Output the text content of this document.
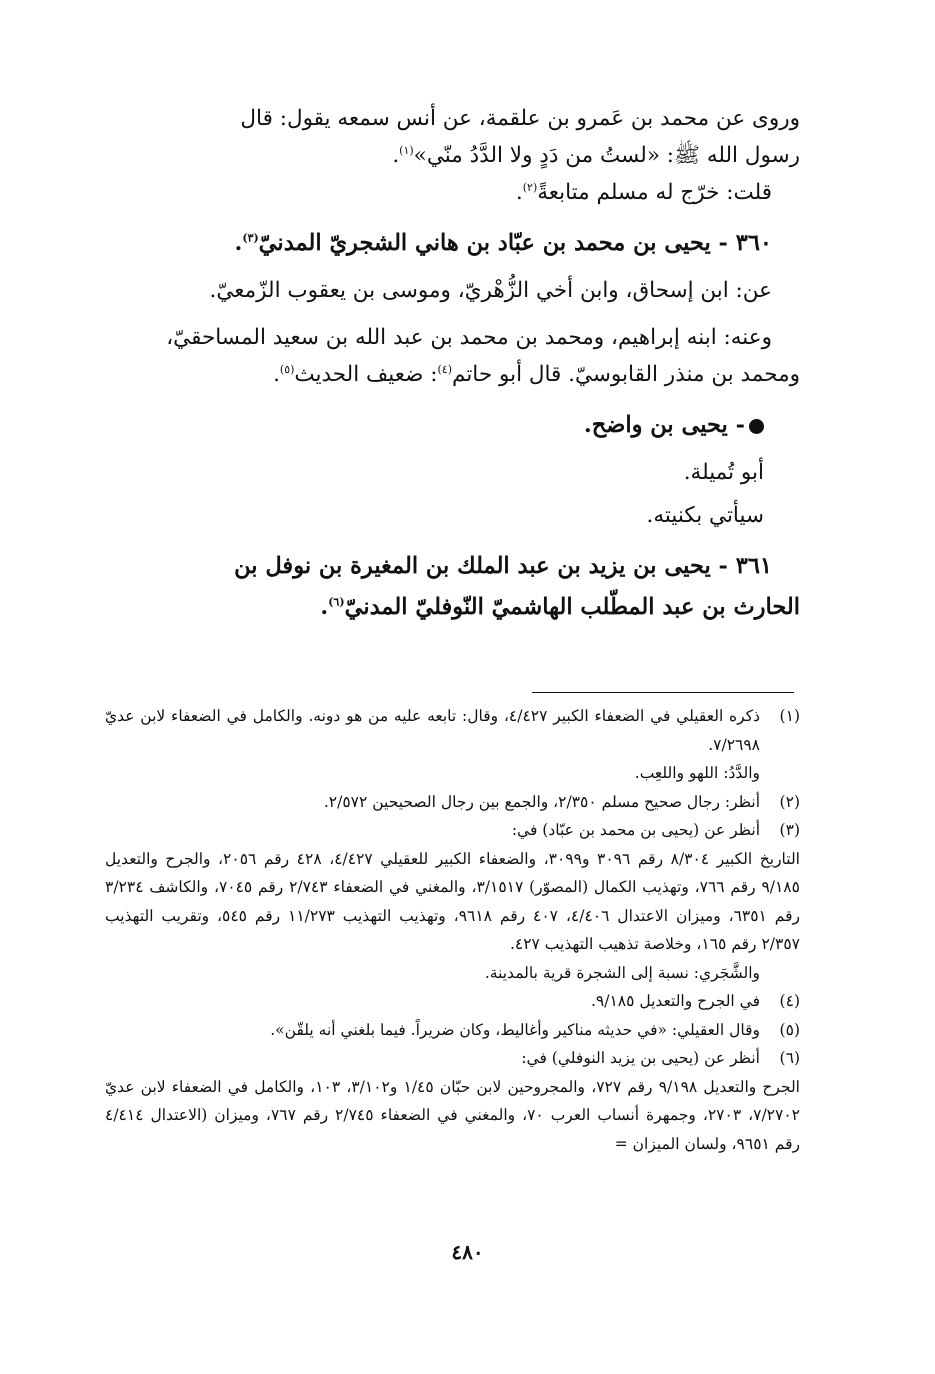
وروى عن محمد بن عَمرو بن علقمة، عن أنس سمعه يقول: قال

رسول الله ﷺ: «لستُ من دَدٍ ولا الدَّدُ منّي»$^{(١)}$.

قلت: خرّج له مسلم متابعةً$^{(٢)}$.

٣٦٠ - يحيى بن محمد بن عبّاد بن هاني الشجريّ المدنيّ$^{(٣)}$.

عن: ابن إسحاق، وابن أخي الزُّهْريّ، وموسى بن يعقوب الزّمعيّ.

وعنه: ابنه إبراهيم، ومحمد بن محمد بن عبد الله بن سعيد المساحقيّ،

ومحمد بن منذر القابوسيّ. قال أبو حاتم$^{(٤)}$: ضعيف الحديث$^{(٥)}$.

- يحيى بن واضح.

أبو تُميلة.

سيأتي بكنيته.

٣٦١ - يحيى بن يزيد بن عبد الملك بن المغيرة بن نوفل بن

الحارث بن عبد المطّلب الهاشميّ النّوفليّ المدنيّ$^{(٦)}$.

(١)
ذكره العقيلي في الضعفاء الكبير ٤/٤٢٧، وقال: تابعه عليه من هو دونه. والكامل في الضعفاء لابن عديّ ٧/٢٦٩٨.
والدَّدُ: اللهو واللعِب.
(٢)
أنظر: رجال صحيح مسلم ٢/٣٥٠، والجمع بين رجال الصحيحين ٢/٥٧٢.
(٣)
أنظر عن (يحيى بن محمد بن عبّاد) في:
التاريخ الكبير ٨/٣٠٤ رقم ٣٠٩٦ و٣٠٩٩، والضعفاء الكبير للعقيلي ٤/٤٢٧، ٤٢٨ رقم ٢٠٥٦، والجرح والتعديل ٩/١٨٥ رقم ٧٦٦، وتهذيب الكمال (المصوّر) ٣/١٥١٧، والمغني في الضعفاء ٢/٧٤٣ رقم ٧٠٤٥، والكاشف ٣/٢٣٤ رقم ٦٣٥١، وميزان الاعتدال ٤/٤٠٦، ٤٠٧ رقم ٩٦١٨، وتهذيب التهذيب ١١/٢٧٣ رقم ٥٤٥، وتقريب التهذيب ٢/٣٥٧ رقم ١٦٥، وخلاصة تذهيب التهذيب ٤٢٧.
والشَّجَري: نسبة إلى الشجرة قرية بالمدينة.
(٤)
في الجرح والتعديل ٩/١٨٥.
(٥)
وقال العقيلي: «في حديثه مناكير وأغاليط، وكان ضريراً. فيما بلغني أنه يلقّن».
(٦)
أنظر عن (يحيى بن يزيد النوفلي) في:
الجرح والتعديل ٩/١٩٨ رقم ٧٢٧، والمجروحين لابن حبّان ١/٤٥ و٣/١٠٢، ١٠٣، والكامل في الضعفاء لابن عديّ ٧/٢٧٠٢، ٢٧٠٣، وجمهرة أنساب العرب ٧٠، والمغني في الضعفاء ٢/٧٤٥ رقم ٧٦٧، وميزان (الاعتدال ٤/٤١٤ رقم ٩٦٥١، ولسان الميزان =
٤٨٠
